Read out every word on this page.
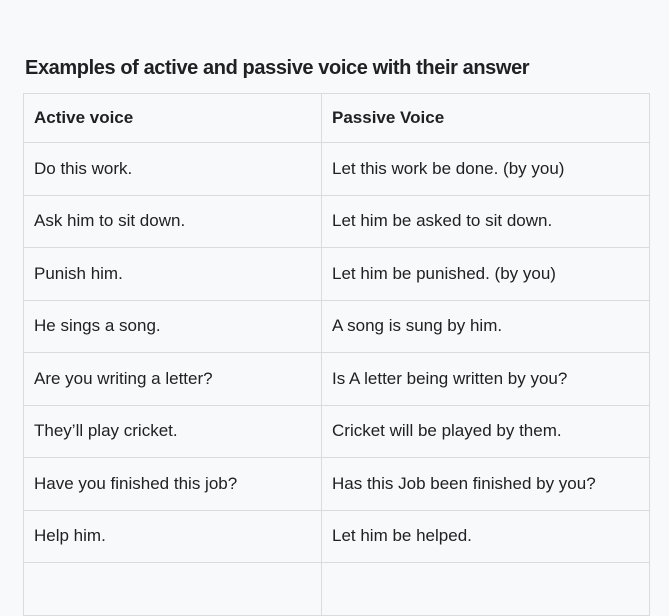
Examples of active and passive voice with their answer
Active voice	Passive Voice
Do this work.	Let this work be done. (by you)
Ask him to sit down.	Let him be asked to sit down.
Punish him.	Let him be punished. (by you)
He sings a song.	A song is sung by him.
Are you writing a letter?	Is A letter being written by you?
They’ll play cricket.	Cricket will be played by them.
Have you finished this job?	Has this Job been finished by you?
Help him.	Let him be helped.
